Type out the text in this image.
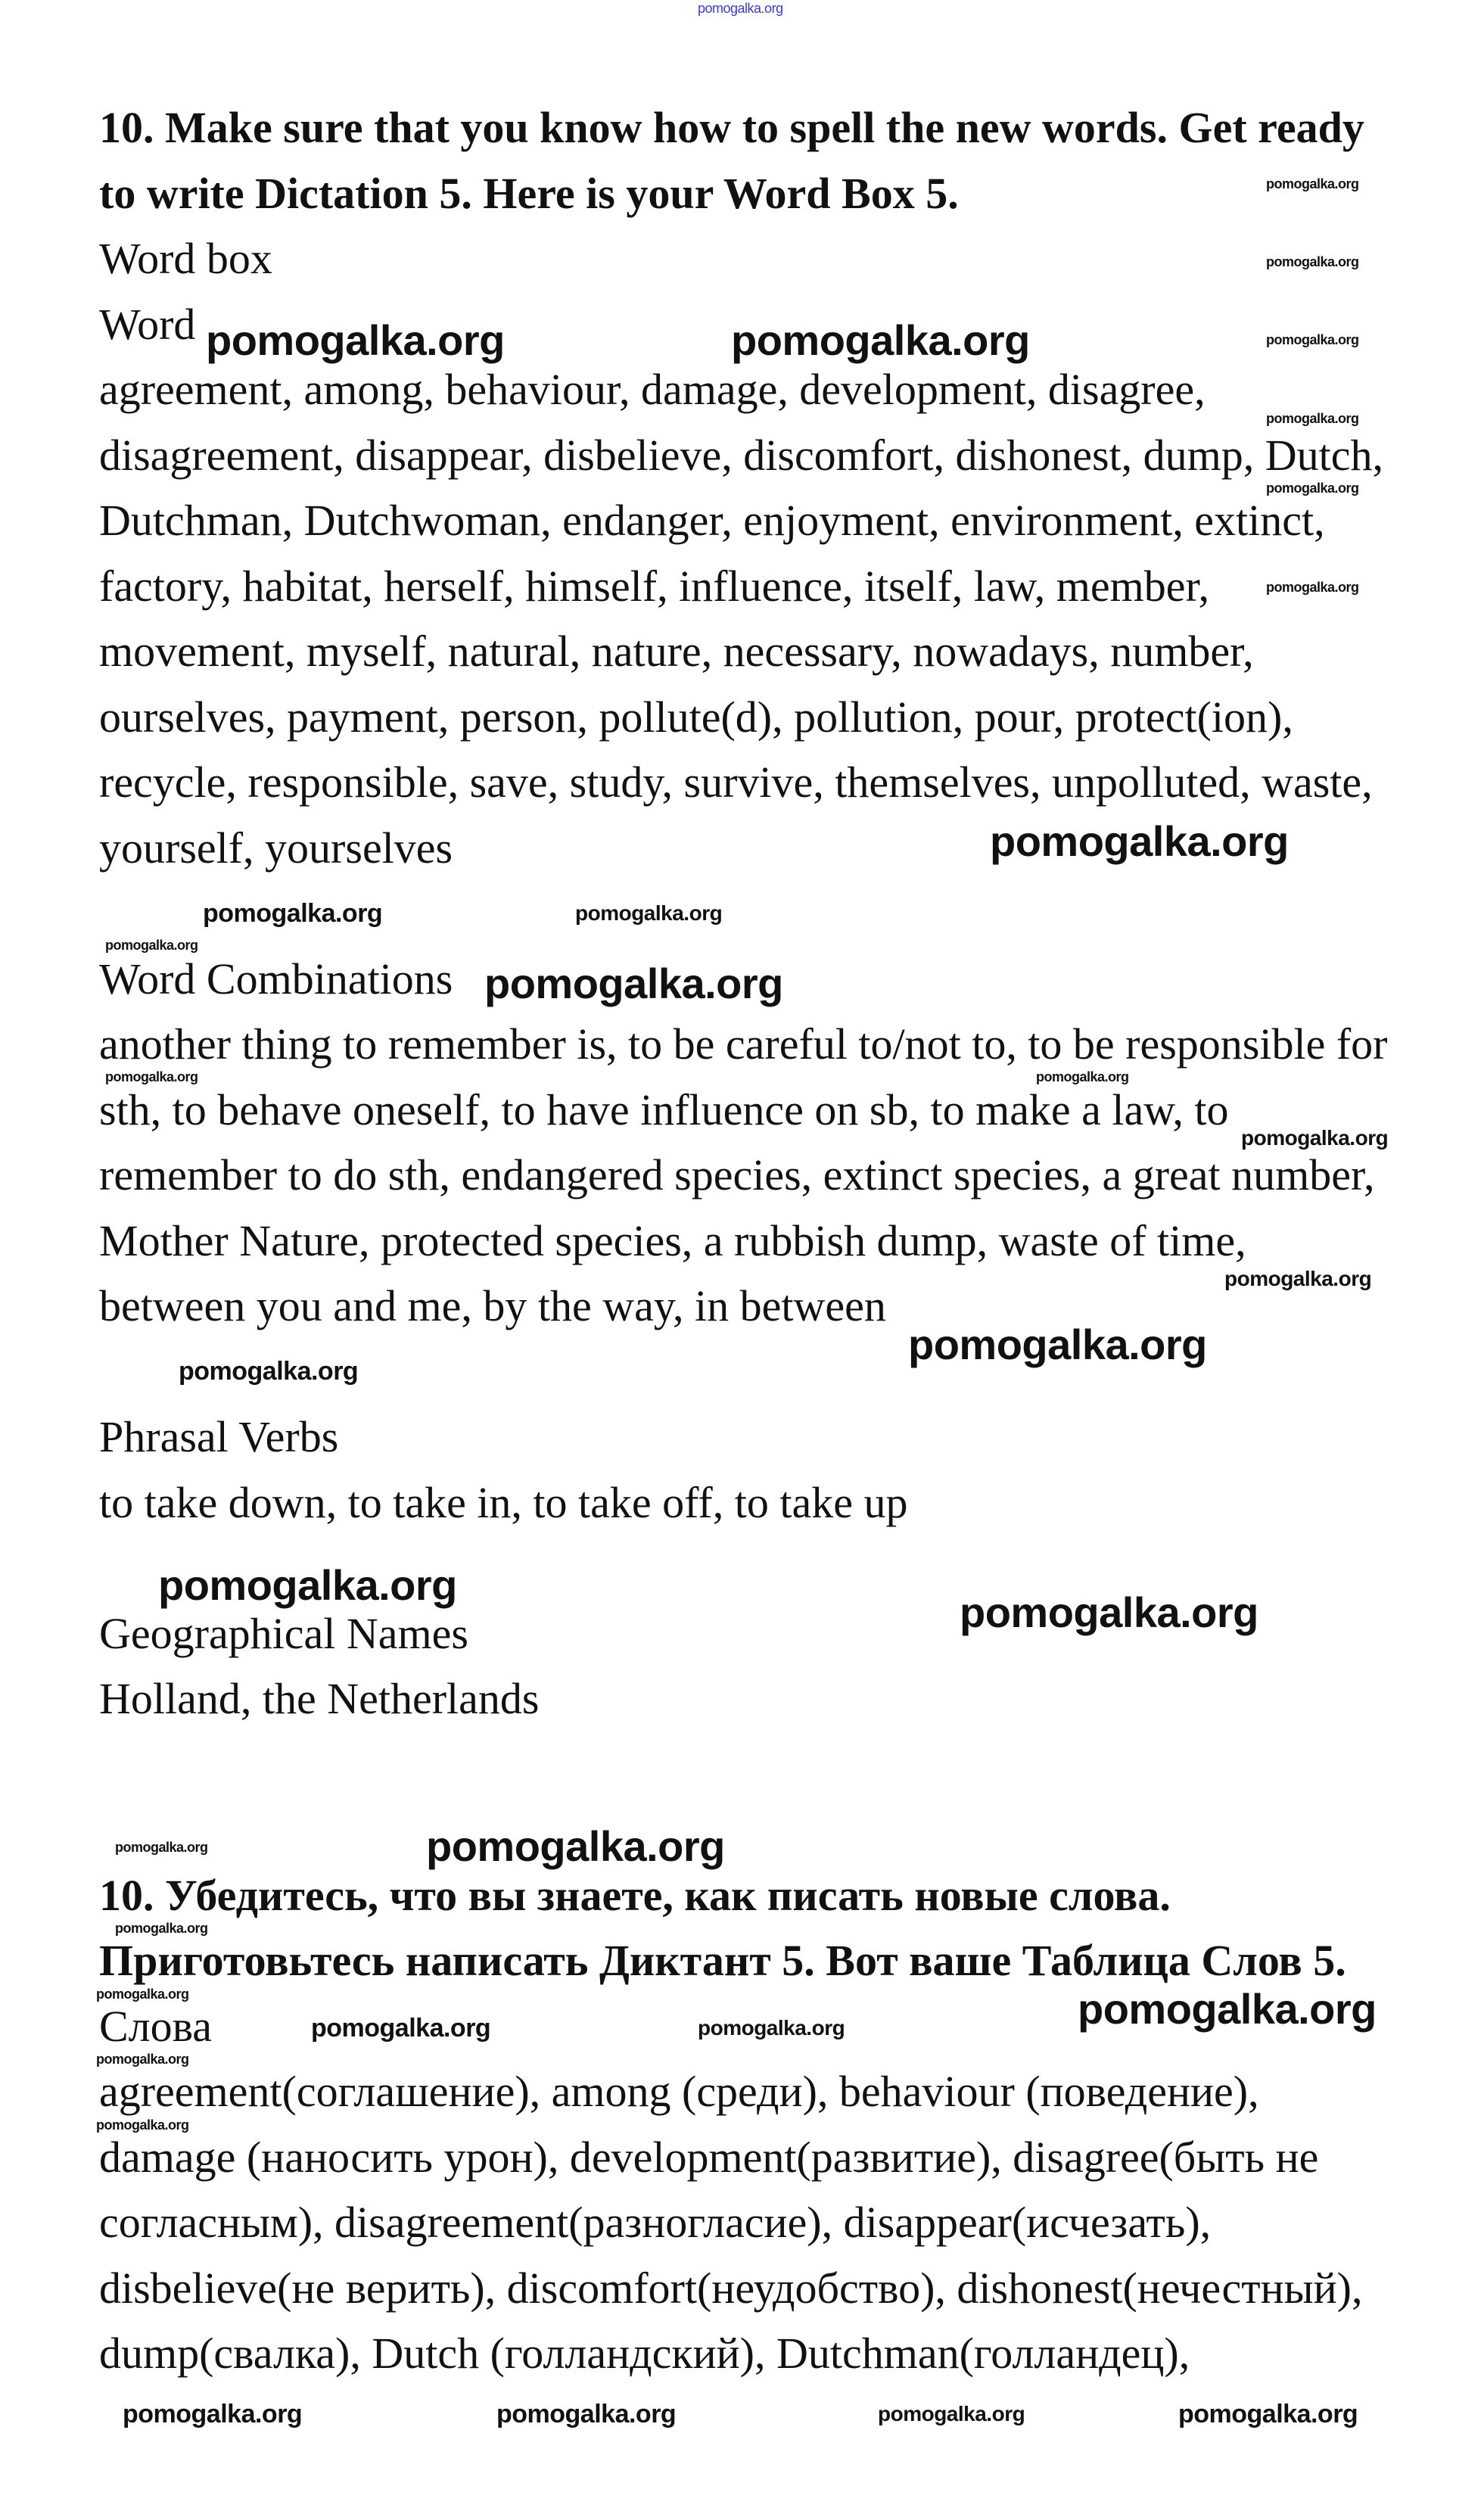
10. Make sure that you know how to spell the new words. Get ready
to write Dictation 5. Here is your Word Box 5.
Word box
Word
agreement, among, behaviour, damage, development, disagree,
disagreement, disappear, disbelieve, discomfort, dishonest, dump, Dutch,
Dutchman, Dutchwoman, endanger, enjoyment, environment, extinct,
factory, habitat, herself, himself, influence, itself, law, member,
movement, myself, natural, nature, necessary, nowadays, number,
ourselves, payment, person, pollute(d), pollution, pour, protect(ion),
recycle, responsible, save, study, survive, themselves, unpolluted, waste,
yourself, yourselves
Word Combinations
another thing to remember is, to be careful to/not to, to be responsible for
sth, to behave oneself, to have influence on sb, to make a law, to
remember to do sth, endangered species, extinct species, a great number,
Mother Nature, protected species, a rubbish dump, waste of time,
between you and me, by the way, in between
Phrasal Verbs
to take down, to take in, to take off, to take up
Geographical Names
Holland, the Netherlands
10. Убедитесь, что вы знаете, как писать новые слова.
Приготовьтесь написать Диктант 5. Вот ваше Таблица Слов 5.
Слова
agreement(соглашение), among (среди), behaviour (поведение),
damage (наносить урон), development(развитие), disagree(быть не
согласным), disagreement(разногласие), disappear(исчезать),
disbelieve(не верить), discomfort(неудобство), dishonest(нечестный),
dump(свалка), Dutch (голландский), Dutchman(голландец),
pomogalka.org
pomogalka.org
pomogalka.org
pomogalka.org
pomogalka.org
pomogalka.org
pomogalka.org
pomogalka.org	pomogalka.org
pomogalka.org	pomogalka.org
pomogalka.org
pomogalka.org
pomogalka.org
pomogalka.org	pomogalka.org
pomogalka.org
pomogalka.org
pomogalka.org
pomogalka.org
pomogalka.org
pomogalka.org
pomogalka.org	pomogalka.org
pomogalka.org
pomogalka.org
pomogalka.org
pomogalka.org
pomogalka.org	pomogalka.org
pomogalka.org
pomogalka.org	pomogalka.org	pomogalka.org	pomogalka.org
